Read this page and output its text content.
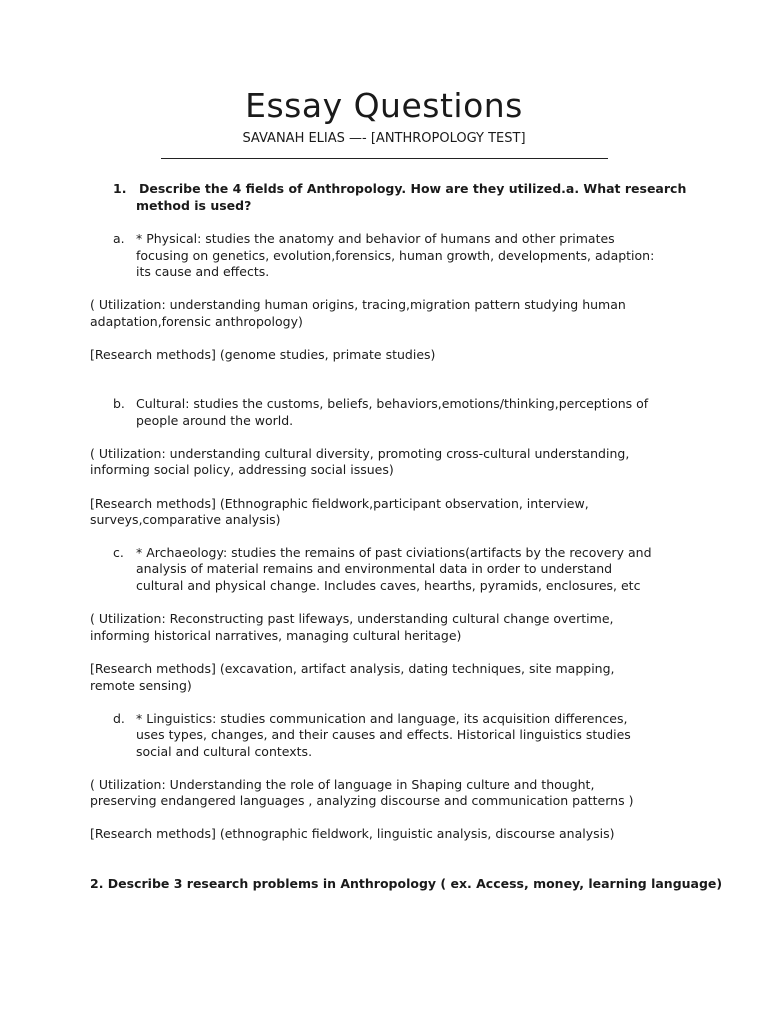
Essay Questions
SAVANAH ELIAS —- [ANTHROPOLOGY TEST]
1. Describe the 4 fields of Anthropology. How are they utilized.a. What research
method is used?
a. * Physical: studies the anatomy and behavior of humans and other primates
focusing on genetics, evolution,forensics, human growth, developments, adaption:
its cause and effects.
( Utilization: understanding human origins, tracing,migration pattern studying human
adaptation,forensic anthropology)
[Research methods] (genome studies, primate studies)
b. Cultural: studies the customs, beliefs, behaviors,emotions/thinking,perceptions of
people around the world.
( Utilization: understanding cultural diversity, promoting cross-cultural understanding,
informing social policy, addressing social issues)
[Research methods] (Ethnographic fieldwork,participant observation, interview,
surveys,comparative analysis)
c. * Archaeology: studies the remains of past civiations(artifacts by the recovery and
analysis of material remains and environmental data in order to understand
cultural and physical change. Includes caves, hearths, pyramids, enclosures, etc
( Utilization: Reconstructing past lifeways, understanding cultural change overtime,
informing historical narratives, managing cultural heritage)
[Research methods] (excavation, artifact analysis, dating techniques, site mapping,
remote sensing)
d. * Linguistics: studies communication and language, its acquisition differences,
uses types, changes, and their causes and effects. Historical linguistics studies
social and cultural contexts.
( Utilization: Understanding the role of language in Shaping culture and thought,
preserving endangered languages , analyzing discourse and communication patterns )
[Research methods] (ethnographic fieldwork, linguistic analysis, discourse analysis)
2. Describe 3 research problems in Anthropology ( ex. Access, money, learning language)
